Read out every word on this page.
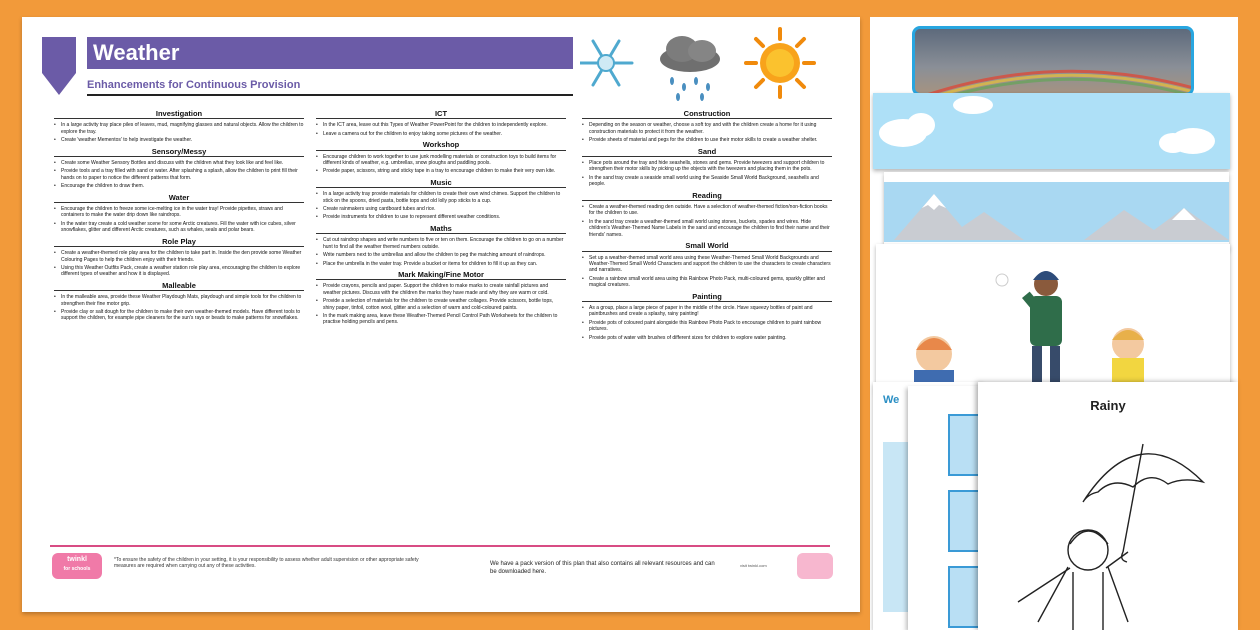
Weather
Enhancements for Continuous Provision
Investigation
• In a large activity tray place piles of leaves, mud, magnifying glasses and natural objects. Allow the children to explore the tray.
• Create 'weather Mementos' to help investigate the weather.
Sensory/Messy
• Create some Weather Sensory Bottles and discuss with the children what they look like and feel like.
• Provide tools and a tray filled with sand or water. After splashing a splash, allow the children to print fill their hands on to paper to notice the different patterns that form.
• Encourage the children to draw them.
Water
• Encourage the children to freeze some ice-melting ice in the water tray! Provide pipettes, straws and containers to make the water drip down like raindrops.
• In the water tray create a cold weather scene for some Arctic creatures. Fill the water with ice cubes, silver snowflakes, glitter and different Arctic creatures, such as whales, seals and polar bears.
Role Play
• Create a weather-themed role play area for the children to take part in. Inside the den provide some Weather Colouring Pages to help the children enjoy with their friends.
• Using this Weather Outfits Pack, create a weather station role play area, encouraging the children to explore different types of weather and how it is displayed.
Malleable
• In the malleable area, provide these Weather Playdough Mats, playdough and simple tools for the children to strengthen their fine motor grip.
• Provide clay or salt dough for the children to make their own weather-themed models. Have different tools to support the children, for example pipe cleaners for the sun's rays or beads to make patterns for snowflakes.
ICT
• In the ICT area, leave out this Types of Weather PowerPoint for the children to independently explore.
• Leave a camera out for the children to enjoy taking some pictures of the weather.
Workshop
• Encourage children to work together to use junk modelling materials or construction toys to build items for different kinds of weather, e.g. umbrellas, snow ploughs and paddling pools.
• Provide paper, scissors, string and sticky tape in a tray to encourage children to make their very own kite.
Music
• In a large activity tray provide materials for children to create their own wind chimes. Support the children to stick on the spoons, dried pasta, bottle tops and old lolly pop sticks to a cup.
• Create rainmakers using cardboard tubes and rice.
• Provide instruments for children to use to represent different weather conditions.
Maths
• Cut out raindrop shapes and write numbers to five or ten on them. Encourage the children to go on a number hunt to find all the weather themed numbers outside.
• Write numbers next to the umbrellas and allow the children to peg the matching amount of raindrops.
• Place the umbrella in the water tray. Provide a bucket or items for children to fill it up as they can.
Mark Making/Fine Motor
• Provide crayons, pencils and paper. Support the children to make marks to create rainfall pictures and weather pictures. Discuss with the children the marks they have made and why they are warm or cold.
• Provide a selection of materials for the children to create weather collages. Provide scissors, bottle tops, shiny paper, tinfoil, cotton wool, glitter and a selection of warm and cold-coloured paints.
• In the mark making area, leave these Weather-Themed Pencil Control Path Worksheets for the children to practise holding pencils and pens.
Construction
• Depending on the season or weather, choose a soft toy and with the children create a home for it using construction materials to protect it from the weather.
• Provide sheets of material and pegs for the children to use their motor skills to create a weather shelter.
Sand
• Place pots around the tray and hide seashells, stones and gems. Provide tweezers and support children to strengthen their motor skills by picking up the objects with the tweezers and placing them in the pots.
• In the sand tray create a seaside small world using the Seaside Small World Background, seashells and people.
Reading
• Create a weather-themed reading den outside. Have a selection of weather-themed fiction/non-fiction books for the children to use.
• In the sand tray create a weather-themed small world using stones, buckets, spades and wires. Hide children's Weather-Themed Name Labels in the sand and encourage the children to find their name and their friends' names.
Small World
• Set up a weather-themed small world area using these Weather-Themed Small World Backgrounds and Weather-Themed Small World Characters and support the children to use the characters to create characters and narratives.
• Create a rainbow small world area using this Rainbow Photo Pack, multi-coloured gems, sparkly glitter and magical creatures.
Painting
• As a group, place a large piece of paper in the middle of the circle. Have squeezy bottles of paint and paintbrushes and create a splashy, rainy painting!
• Provide pots of coloured paint alongside this Rainbow Photo Pack to encourage children to paint rainbow pictures.
• Provide pots of water with brushes of different sizes for children to explore water painting.
twinkl
for schools
*To ensure the safety of the children in your setting, it is your responsibility to assess whether adult supervision or other appropriate safety measures are required when carrying out any of these activities.	We have a pack version of this plan that also contains all relevant resources and can be downloaded here.
visit twinkl.com
We	Rainy
